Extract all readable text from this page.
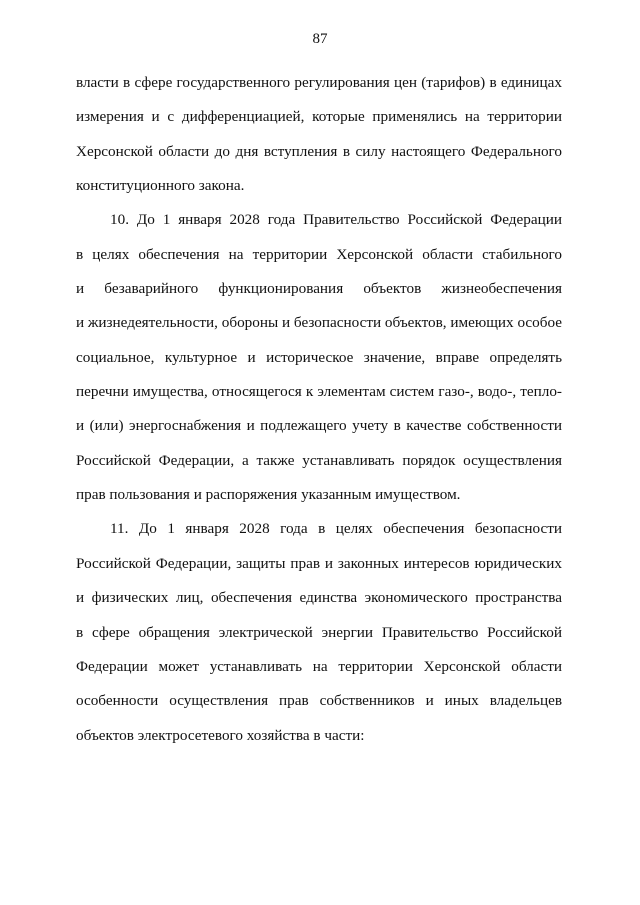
87
власти в сфере государственного регулирования цен (тарифов) в единицах
измерения и с дифференциацией, которые применялись на территории
Херсонской области до дня вступления в силу настоящего Федерального
конституционного закона.
10. До 1 января 2028 года Правительство Российской Федерации
в целях обеспечения на территории Херсонской области стабильного
и безаварийного функционирования объектов жизнеобеспечения
и жизнедеятельности, обороны и безопасности объектов, имеющих особое
социальное, культурное и историческое значение, вправе определять
перечни имущества, относящегося к элементам систем газо-, водо-, тепло-
и (или) энергоснабжения и подлежащего учету в качестве собственности
Российской Федерации, а также устанавливать порядок осуществления
прав пользования и распоряжения указанным имуществом.
11. До 1 января 2028 года в целях обеспечения безопасности
Российской Федерации, защиты прав и законных интересов юридических
и физических лиц, обеспечения единства экономического пространства
в сфере обращения электрической энергии Правительство Российской
Федерации может устанавливать на территории Херсонской области
особенности осуществления прав собственников и иных владельцев
объектов электросетевого хозяйства в части:
